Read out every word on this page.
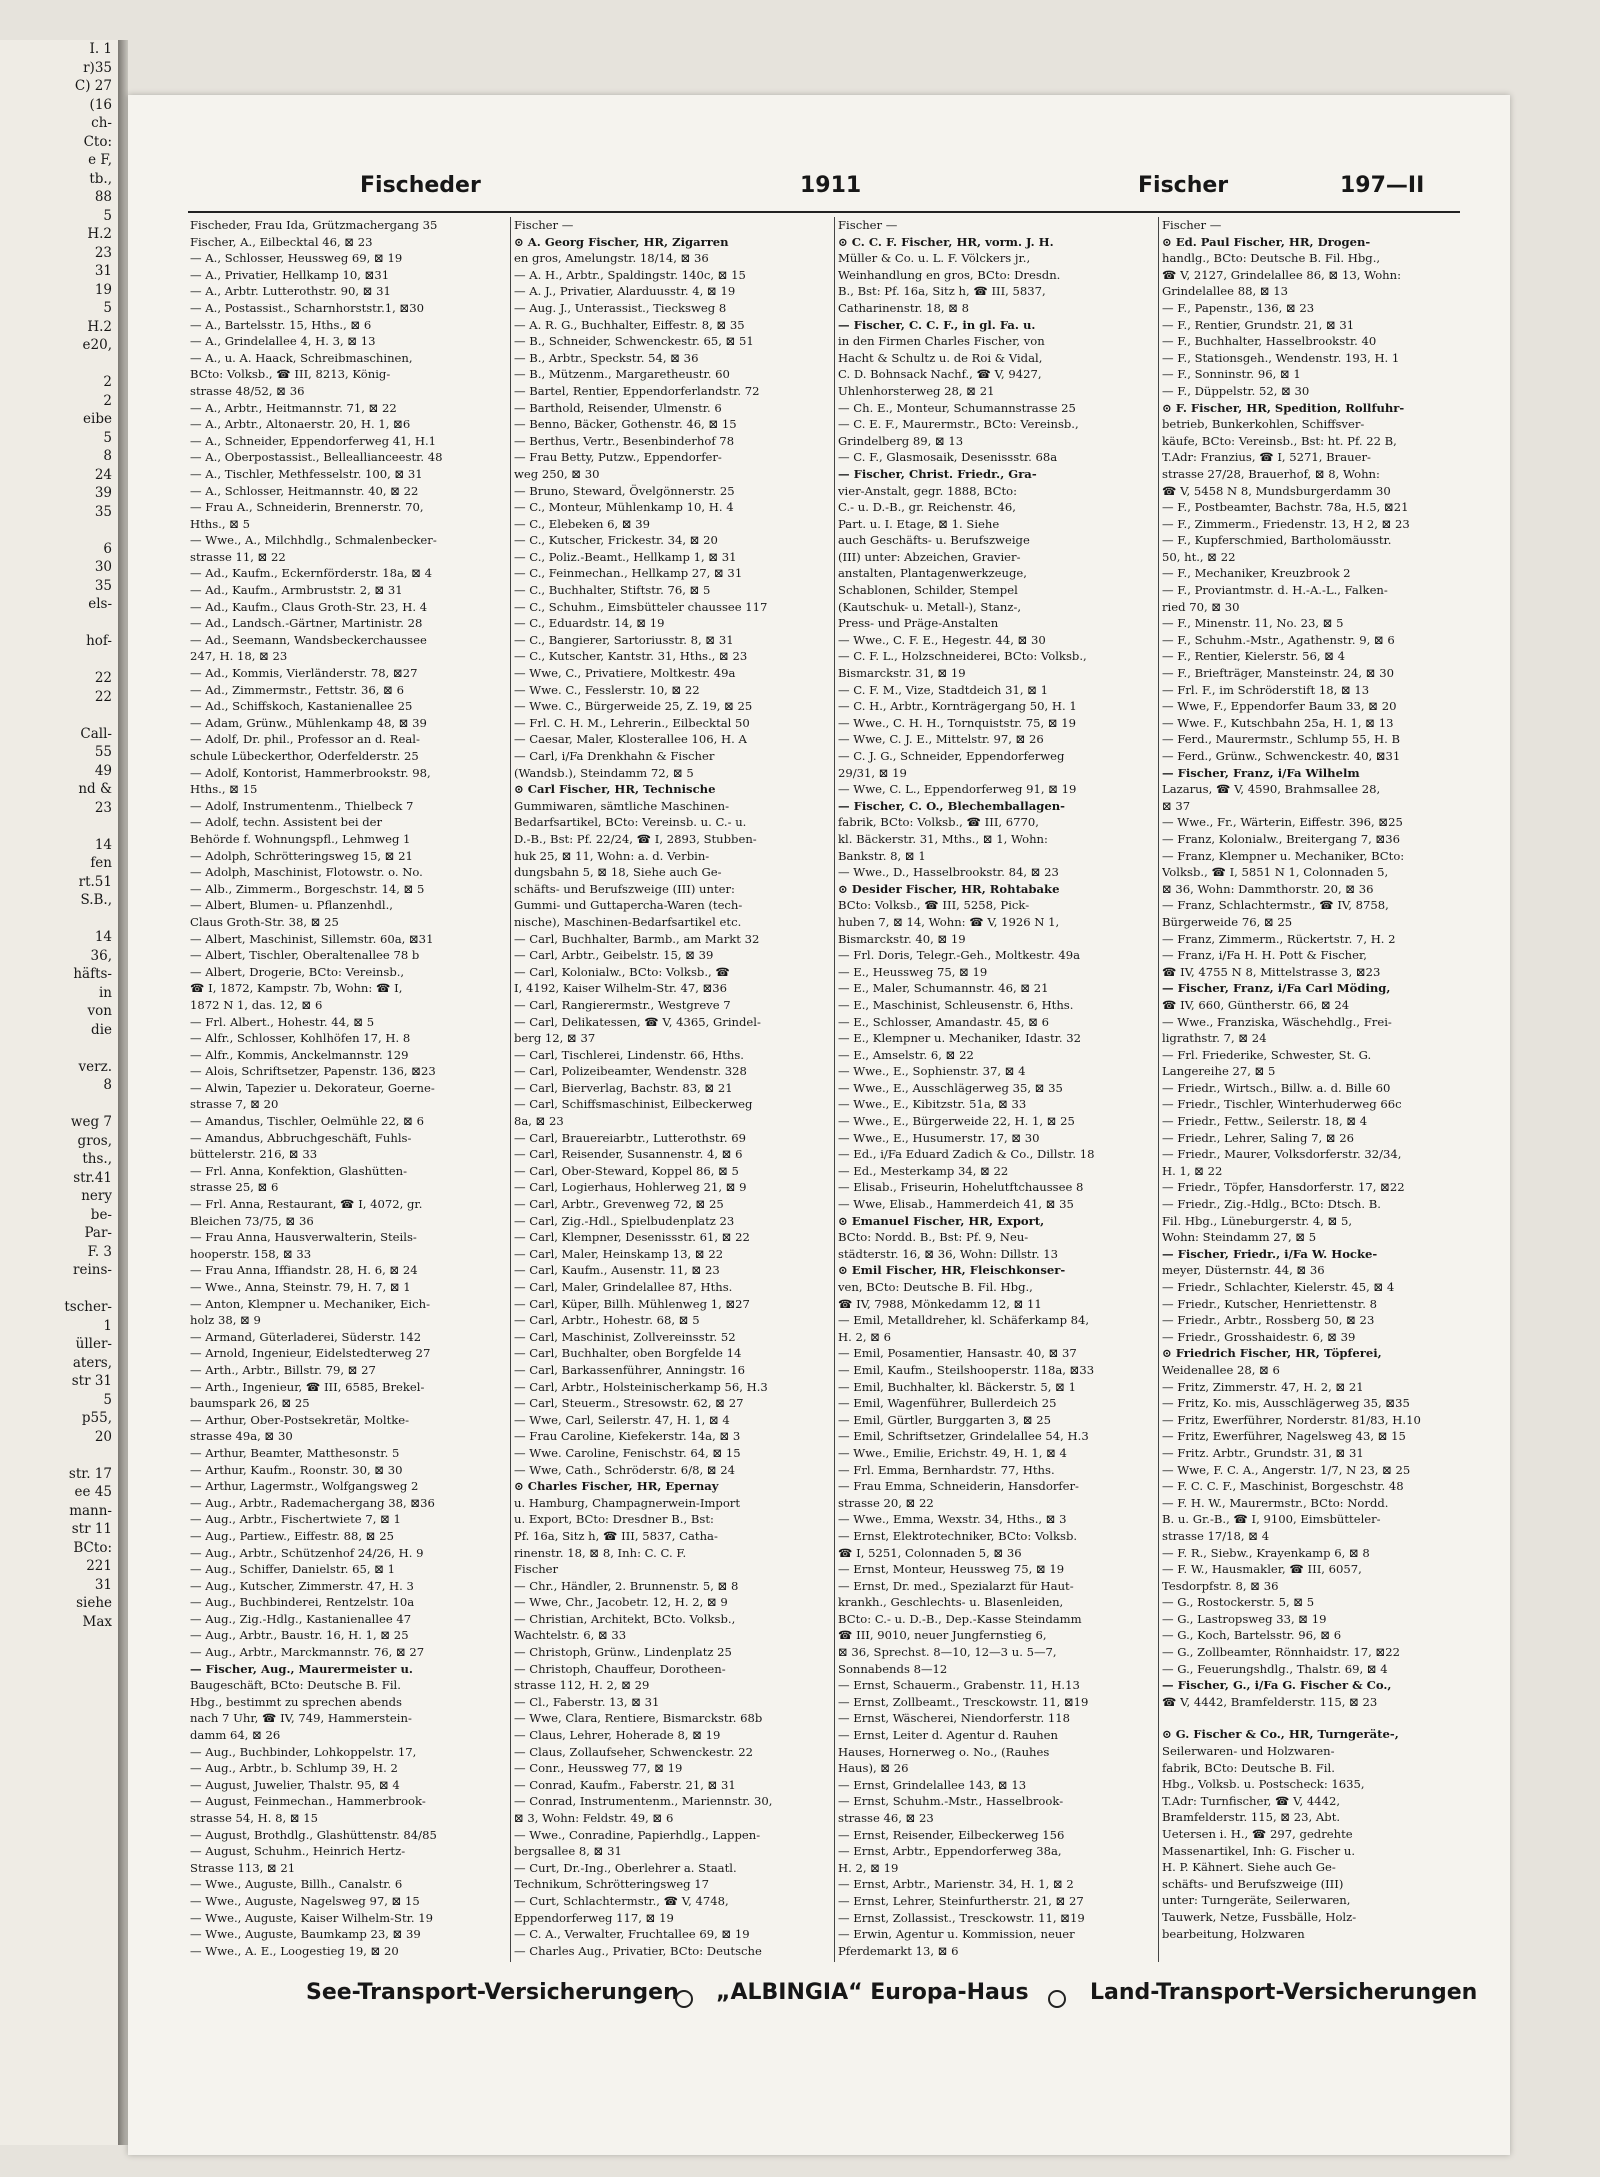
I. 1
r)35
C) 27
(16
ch-
Cto:
e F,
tb.,
88
5
H.2
23
31
19
5
H.2
e20,
2
2
eibe
5
8
24
39
35
6
30
35
els-
hof-
22
22
Call-
55
49
nd &
23
14
fen
rt.51
S.B.,
14
36,
häfts-
in
von
die
verz.
8
weg 7
gros,
ths.,
str.41
nery
be-
Par-
F. 3
reins-
tscher-
1
üller-
aters,
str 31
5
p55,
20
str. 17
ee 45
mann-
str 11
BCto:
221
31
siehe
Max
Fischeder	1911	Fischer	197—II
Fischeder, Frau Ida, Grützmachergang 35
Fischer, A., Eilbecktal 46, ⊠ 23
— A., Schlosser, Heussweg 69, ⊠ 19
— A., Privatier, Hellkamp 10, ⊠31
— A., Arbtr. Lutterothstr. 90, ⊠ 31
— A., Postassist., Scharnhorststr.1, ⊠30
— A., Bartelsstr. 15, Hths., ⊠ 6
— A., Grindelallee 4, H. 3, ⊠ 13
— A., u. A. Haack, Schreibmaschinen,
BCto: Volksb., ☎ III, 8213, König-
strasse 48/52, ⊠ 36
— A., Arbtr., Heitmannstr. 71, ⊠ 22
— A., Arbtr., Altonaerstr. 20, H. 1, ⊠6
— A., Schneider, Eppendorferweg 41, H.1
— A., Oberpostassist., Belleallianceestr. 48
— A., Tischler, Methfesselstr. 100, ⊠ 31
— A., Schlosser, Heitmannstr. 40, ⊠ 22
— Frau A., Schneiderin, Brennerstr. 70,
Hths., ⊠ 5
— Wwe., A., Milchhdlg., Schmalenbecker-
strasse 11, ⊠ 22
— Ad., Kaufm., Eckernförderstr. 18a, ⊠ 4
— Ad., Kaufm., Armbruststr. 2, ⊠ 31
— Ad., Kaufm., Claus Groth-Str. 23, H. 4
— Ad., Landsch.-Gärtner, Martinistr. 28
— Ad., Seemann, Wandsbeckerchaussee
247, H. 18, ⊠ 23
— Ad., Kommis, Vierländerstr. 78, ⊠27
— Ad., Zimmermstr., Fettstr. 36, ⊠ 6
— Ad., Schiffskoch, Kastanienallee 25
— Adam, Grünw., Mühlenkamp 48, ⊠ 39
— Adolf, Dr. phil., Professor an d. Real-
schule Lübeckerthor, Oderfelderstr. 25
— Adolf, Kontorist, Hammerbrookstr. 98,
Hths., ⊠ 15
— Adolf, Instrumentenm., Thielbeck 7
— Adolf, techn. Assistent bei der
Behörde f. Wohnungspfl., Lehmweg 1
— Adolph, Schrötteringsweg 15, ⊠ 21
— Adolph, Maschinist, Flotowstr. o. No.
— Alb., Zimmerm., Borgeschstr. 14, ⊠ 5
— Albert, Blumen- u. Pflanzenhdl.,
Claus Groth-Str. 38, ⊠ 25
— Albert, Maschinist, Sillemstr. 60a, ⊠31
— Albert, Tischler, Oberaltenallee 78 b
— Albert, Drogerie, BCto: Vereinsb.,
☎ I, 1872, Kampstr. 7b, Wohn: ☎ I,
1872 N 1, das. 12, ⊠ 6
— Frl. Albert., Hohestr. 44, ⊠ 5
— Alfr., Schlosser, Kohlhöfen 17, H. 8
— Alfr., Kommis, Anckelmannstr. 129
— Alois, Schriftsetzer, Papenstr. 136, ⊠23
— Alwin, Tapezier u. Dekorateur, Goerne-
strasse 7, ⊠ 20
— Amandus, Tischler, Oelmühle 22, ⊠ 6
— Amandus, Abbruchgeschäft, Fuhls-
büttelerstr. 216, ⊠ 33
— Frl. Anna, Konfektion, Glashütten-
strasse 25, ⊠ 6
— Frl. Anna, Restaurant, ☎ I, 4072, gr.
Bleichen 73/75, ⊠ 36
— Frau Anna, Hausverwalterin, Steils-
hooperstr. 158, ⊠ 33
— Frau Anna, Iffiandstr. 28, H. 6, ⊠ 24
— Wwe., Anna, Steinstr. 79, H. 7, ⊠ 1
— Anton, Klempner u. Mechaniker, Eich-
holz 38, ⊠ 9
— Armand, Güterladerei, Süderstr. 142
— Arnold, Ingenieur, Eidelstedterweg 27
— Arth., Arbtr., Billstr. 79, ⊠ 27
— Arth., Ingenieur, ☎ III, 6585, Brekel-
baumspark 26, ⊠ 25
— Arthur, Ober-Postsekretär, Moltke-
strasse 49a, ⊠ 30
— Arthur, Beamter, Matthesonstr. 5
— Arthur, Kaufm., Roonstr. 30, ⊠ 30
— Arthur, Lagermstr., Wolfgangsweg 2
— Aug., Arbtr., Rademachergang 38, ⊠36
— Aug., Arbtr., Fischertwiete 7, ⊠ 1
— Aug., Partiew., Eiffestr. 88, ⊠ 25
— Aug., Arbtr., Schützenhof 24/26, H. 9
— Aug., Schiffer, Danielstr. 65, ⊠ 1
— Aug., Kutscher, Zimmerstr. 47, H. 3
— Aug., Buchbinderei, Rentzelstr. 10a
— Aug., Zig.-Hdlg., Kastanienallee 47
— Aug., Arbtr., Baustr. 16, H. 1, ⊠ 25
— Aug., Arbtr., Marckmannstr. 76, ⊠ 27
— Fischer, Aug., Maurermeister u.
Baugeschäft, BCto: Deutsche B. Fil.
Hbg., bestimmt zu sprechen abends
nach 7 Uhr, ☎ IV, 749, Hammerstein-
damm 64, ⊠ 26
— Aug., Buchbinder, Lohkoppelstr. 17,
— Aug., Arbtr., b. Schlump 39, H. 2
— August, Juwelier, Thalstr. 95, ⊠ 4
— August, Feinmechan., Hammerbrook-
strasse 54, H. 8, ⊠ 15
— August, Brothdlg., Glashüttenstr. 84/85
— August, Schuhm., Heinrich Hertz-
Strasse 113, ⊠ 21
— Wwe., Auguste, Billh., Canalstr. 6
— Wwe., Auguste, Nagelsweg 97, ⊠ 15
— Wwe., Auguste, Kaiser Wilhelm-Str. 19
— Wwe., Auguste, Baumkamp 23, ⊠ 39
— Wwe., A. E., Loogestieg 19, ⊠ 20
Fischer —
⊙ A. Georg Fischer, HR, Zigarren
en gros, Amelungstr. 18/14, ⊠ 36
— A. H., Arbtr., Spaldingstr. 140c, ⊠ 15
— A. J., Privatier, Alarduusstr. 4, ⊠ 19
— Aug. J., Unterassist., Tiecksweg 8
— A. R. G., Buchhalter, Eiffestr. 8, ⊠ 35
— B., Schneider, Schwenckestr. 65, ⊠ 51
— B., Arbtr., Speckstr. 54, ⊠ 36
— B., Mützenm., Margaretheustr. 60
— Bartel, Rentier, Eppendorferlandstr. 72
— Barthold, Reisender, Ulmenstr. 6
— Benno, Bäcker, Gothenstr. 46, ⊠ 15
— Berthus, Vertr., Besenbinderhof 78
— Frau Betty, Putzw., Eppendorfer-
weg 250, ⊠ 30
— Bruno, Steward, Övelgönnerstr. 25
— C., Monteur, Mühlenkamp 10, H. 4
— C., Elebeken 6, ⊠ 39
— C., Kutscher, Frickestr. 34, ⊠ 20
— C., Poliz.-Beamt., Hellkamp 1, ⊠ 31
— C., Feinmechan., Hellkamp 27, ⊠ 31
— C., Buchhalter, Stiftstr. 76, ⊠ 5
— C., Schuhm., Eimsbütteler chaussee 117
— C., Eduardstr. 14, ⊠ 19
— C., Bangierer, Sartoriusstr. 8, ⊠ 31
— C., Kutscher, Kantstr. 31, Hths., ⊠ 23
— Wwe, C., Privatiere, Moltkestr. 49a
— Wwe. C., Fesslerstr. 10, ⊠ 22
— Wwe. C., Bürgerweide 25, Z. 19, ⊠ 25
— Frl. C. H. M., Lehrerin., Eilbecktal 50
— Caesar, Maler, Klosterallee 106, H. A
— Carl, i/Fa Drenkhahn & Fischer
(Wandsb.), Steindamm 72, ⊠ 5
⊙ Carl Fischer, HR, Technische
Gummiwaren, sämtliche Maschinen-
Bedarfsartikel, BCto: Vereinsb. u. C.- u.
D.-B., Bst: Pf. 22/24, ☎ I, 2893, Stubben-
huk 25, ⊠ 11, Wohn: a. d. Verbin-
dungsbahn 5, ⊠ 18, Siehe auch Ge-
schäfts- und Berufszweige (III) unter:
Gummi- und Guttapercha-Waren (tech-
nische), Maschinen-Bedarfsartikel etc.
— Carl, Buchhalter, Barmb., am Markt 32
— Carl, Arbtr., Geibelstr. 15, ⊠ 39
— Carl, Kolonialw., BCto: Volksb., ☎
I, 4192, Kaiser Wilhelm-Str. 47, ⊠36
— Carl, Rangierermstr., Westgreve 7
— Carl, Delikatessen, ☎ V, 4365, Grindel-
berg 12, ⊠ 37
— Carl, Tischlerei, Lindenstr. 66, Hths.
— Carl, Polizeibeamter, Wendenstr. 328
— Carl, Bierverlag, Bachstr. 83, ⊠ 21
— Carl, Schiffsmaschinist, Eilbeckerweg
8a, ⊠ 23
— Carl, Brauereiarbtr., Lutterothstr. 69
— Carl, Reisender, Susannenstr. 4, ⊠ 6
— Carl, Ober-Steward, Koppel 86, ⊠ 5
— Carl, Logierhaus, Hohlerweg 21, ⊠ 9
— Carl, Arbtr., Grevenweg 72, ⊠ 25
— Carl, Zig.-Hdl., Spielbudenplatz 23
— Carl, Klempner, Desenissstr. 61, ⊠ 22
— Carl, Maler, Heinskamp 13, ⊠ 22
— Carl, Kaufm., Ausenstr. 11, ⊠ 23
— Carl, Maler, Grindelallee 87, Hths.
— Carl, Küper, Billh. Mühlenweg 1, ⊠27
— Carl, Arbtr., Hohestr. 68, ⊠ 5
— Carl, Maschinist, Zollvereinsstr. 52
— Carl, Buchhalter, oben Borgfelde 14
— Carl, Barkassenführer, Anningstr. 16
— Carl, Arbtr., Holsteinischerkamp 56, H.3
— Carl, Steuerm., Stresowstr. 62, ⊠ 27
— Wwe, Carl, Seilerstr. 47, H. 1, ⊠ 4
— Frau Caroline, Kiefekerstr. 14a, ⊠ 3
— Wwe. Caroline, Fenischstr. 64, ⊠ 15
— Wwe, Cath., Schröderstr. 6/8, ⊠ 24
⊙ Charles Fischer, HR, Epernay
u. Hamburg, Champagnerwein-Import
u. Export, BCto: Dresdner B., Bst:
Pf. 16a, Sitz h, ☎ III, 5837, Catha-
rinenstr. 18, ⊠ 8, Inh: C. C. F.
Fischer
— Chr., Händler, 2. Brunnenstr. 5, ⊠ 8
— Wwe, Chr., Jacobetr. 12, H. 2, ⊠ 9
— Christian, Architekt, BCto. Volksb.,
Wachtelstr. 6, ⊠ 33
— Christoph, Grünw., Lindenplatz 25
— Christoph, Chauffeur, Dorotheen-
strasse 112, H. 2, ⊠ 29
— Cl., Faberstr. 13, ⊠ 31
— Wwe, Clara, Rentiere, Bismarckstr. 68b
— Claus, Lehrer, Hoherade 8, ⊠ 19
— Claus, Zollaufseher, Schwenckestr. 22
— Conr., Heussweg 77, ⊠ 19
— Conrad, Kaufm., Faberstr. 21, ⊠ 31
— Conrad, Instrumentenm., Mariennstr. 30,
⊠ 3, Wohn: Feldstr. 49, ⊠ 6
— Wwe., Conradine, Papierhdlg., Lappen-
bergsallee 8, ⊠ 31
— Curt, Dr.-Ing., Oberlehrer a. Staatl.
Technikum, Schrötteringsweg 17
— Curt, Schlachtermstr., ☎ V, 4748,
Eppendorferweg 117, ⊠ 19
— C. A., Verwalter, Fruchtallee 69, ⊠ 19
— Charles Aug., Privatier, BCto: Deutsche
Fischer —
⊙ C. C. F. Fischer, HR, vorm. J. H.
Müller & Co. u. L. F. Völckers jr.,
Weinhandlung en gros, BCto: Dresdn.
B., Bst: Pf. 16a, Sitz h, ☎ III, 5837,
Catharinenstr. 18, ⊠ 8
— Fischer, C. C. F., in gl. Fa. u.
in den Firmen Charles Fischer, von
Hacht & Schultz u. de Roi & Vidal,
C. D. Bohnsack Nachf., ☎ V, 9427,
Uhlenhorsterweg 28, ⊠ 21
— Ch. E., Monteur, Schumannstrasse 25
— C. E. F., Maurermstr., BCto: Vereinsb.,
Grindelberg 89, ⊠ 13
— C. F., Glasmosaik, Desenissstr. 68a
— Fischer, Christ. Friedr., Gra-
vier-Anstalt, gegr. 1888, BCto:
C.- u. D.-B., gr. Reichenstr. 46,
Part. u. I. Etage, ⊠ 1. Siehe
auch Geschäfts- u. Berufszweige
(III) unter: Abzeichen, Gravier-
anstalten, Plantagenwerkzeuge,
Schablonen, Schilder, Stempel
(Kautschuk- u. Metall-), Stanz-,
Press- und Präge-Anstalten
— Wwe., C. F. E., Hegestr. 44, ⊠ 30
— C. F. L., Holzschneiderei, BCto: Volksb.,
Bismarckstr. 31, ⊠ 19
— C. F. M., Vize, Stadtdeich 31, ⊠ 1
— C. H., Arbtr., Kornträgergang 50, H. 1
— Wwe., C. H. H., Tornquiststr. 75, ⊠ 19
— Wwe, C. J. E., Mittelstr. 97, ⊠ 26
— C. J. G., Schneider, Eppendorferweg
29/31, ⊠ 19
— Wwe, C. L., Eppendorferweg 91, ⊠ 19
— Fischer, C. O., Blechemballagen-
fabrik, BCto: Volksb., ☎ III, 6770,
kl. Bäckerstr. 31, Mths., ⊠ 1, Wohn:
Bankstr. 8, ⊠ 1
— Wwe., D., Hasselbrookstr. 84, ⊠ 23
⊙ Desider Fischer, HR, Rohtabake
BCto: Volksb., ☎ III, 5258, Pick-
huben 7, ⊠ 14, Wohn: ☎ V, 1926 N 1,
Bismarckstr. 40, ⊠ 19
— Frl. Doris, Telegr.-Geh., Moltkestr. 49a
— E., Heussweg 75, ⊠ 19
— E., Maler, Schumannstr. 46, ⊠ 21
— E., Maschinist, Schleusenstr. 6, Hths.
— E., Schlosser, Amandastr. 45, ⊠ 6
— E., Klempner u. Mechaniker, Idastr. 32
— E., Amselstr. 6, ⊠ 22
— Wwe., E., Sophienstr. 37, ⊠ 4
— Wwe., E., Ausschlägerweg 35, ⊠ 35
— Wwe., E., Kibitzstr. 51a, ⊠ 33
— Wwe., E., Bürgerweide 22, H. 1, ⊠ 25
— Wwe., E., Husumerstr. 17, ⊠ 30
— Ed., i/Fa Eduard Zadich & Co., Dillstr. 18
— Ed., Mesterkamp 34, ⊠ 22
— Elisab., Friseurin, Hohelutftchaussee 8
— Wwe, Elisab., Hammerdeich 41, ⊠ 35
⊙ Emanuel Fischer, HR, Export,
BCto: Nordd. B., Bst: Pf. 9, Neu-
städterstr. 16, ⊠ 36, Wohn: Dillstr. 13
⊙ Emil Fischer, HR, Fleischkonser-
ven, BCto: Deutsche B. Fil. Hbg.,
☎ IV, 7988, Mönkedamm 12, ⊠ 11
— Emil, Metalldreher, kl. Schäferkamp 84,
H. 2, ⊠ 6
— Emil, Posamentier, Hansastr. 40, ⊠ 37
— Emil, Kaufm., Steilshooperstr. 118a, ⊠33
— Emil, Buchhalter, kl. Bäckerstr. 5, ⊠ 1
— Emil, Wagenführer, Bullerdeich 25
— Emil, Gürtler, Burggarten 3, ⊠ 25
— Emil, Schriftsetzer, Grindelallee 54, H.3
— Wwe., Emilie, Erichstr. 49, H. 1, ⊠ 4
— Frl. Emma, Bernhardstr. 77, Hths.
— Frau Emma, Schneiderin, Hansdorfer-
strasse 20, ⊠ 22
— Wwe., Emma, Wexstr. 34, Hths., ⊠ 3
— Ernst, Elektrotechniker, BCto: Volksb.
☎ I, 5251, Colonnaden 5, ⊠ 36
— Ernst, Monteur, Heussweg 75, ⊠ 19
— Ernst, Dr. med., Spezialarzt für Haut-
krankh., Geschlechts- u. Blasenleiden,
BCto: C.- u. D.-B., Dep.-Kasse Steindamm
☎ III, 9010, neuer Jungfernstieg 6,
⊠ 36, Sprechst. 8—10, 12—3 u. 5—7,
Sonnabends 8—12
— Ernst, Schauerm., Grabenstr. 11, H.13
— Ernst, Zollbeamt., Tresckowstr. 11, ⊠19
— Ernst, Wäscherei, Niendorferstr. 118
— Ernst, Leiter d. Agentur d. Rauhen
Hauses, Hornerweg o. No., (Rauhes
Haus), ⊠ 26
— Ernst, Grindelallee 143, ⊠ 13
— Ernst, Schuhm.-Mstr., Hasselbrook-
strasse 46, ⊠ 23
— Ernst, Reisender, Eilbeckerweg 156
— Ernst, Arbtr., Eppendorferweg 38a,
H. 2, ⊠ 19
— Ernst, Arbtr., Marienstr. 34, H. 1, ⊠ 2
— Ernst, Lehrer, Steinfurtherstr. 21, ⊠ 27
— Ernst, Zollassist., Tresckowstr. 11, ⊠19
— Erwin, Agentur u. Kommission, neuer
Pferdemarkt 13, ⊠ 6
Fischer —
⊙ Ed. Paul Fischer, HR, Drogen-
handlg., BCto: Deutsche B. Fil. Hbg.,
☎ V, 2127, Grindelallee 86, ⊠ 13, Wohn:
Grindelallee 88, ⊠ 13
— F., Papenstr., 136, ⊠ 23
— F., Rentier, Grundstr. 21, ⊠ 31
— F., Buchhalter, Hasselbrookstr. 40
— F., Stationsgeh., Wendenstr. 193, H. 1
— F., Sonninstr. 96, ⊠ 1
— F., Düppelstr. 52, ⊠ 30
⊙ F. Fischer, HR, Spedition, Rollfuhr-
betrieb, Bunkerkohlen, Schiffsver-
käufe, BCto: Vereinsb., Bst: ht. Pf. 22 B,
T.Adr: Franzius, ☎ I, 5271, Brauer-
strasse 27/28, Brauerhof, ⊠ 8, Wohn:
☎ V, 5458 N 8, Mundsburgerdamm 30
— F., Postbeamter, Bachstr. 78a, H.5, ⊠21
— F., Zimmerm., Friedenstr. 13, H 2, ⊠ 23
— F., Kupferschmied, Bartholomäusstr.
50, ht., ⊠ 22
— F., Mechaniker, Kreuzbrook 2
— F., Proviantmstr. d. H.-A.-L., Falken-
ried 70, ⊠ 30
— F., Minenstr. 11, No. 23, ⊠ 5
— F., Schuhm.-Mstr., Agathenstr. 9, ⊠ 6
— F., Rentier, Kielerstr. 56, ⊠ 4
— F., Briefträger, Mansteinstr. 24, ⊠ 30
— Frl. F., im Schröderstift 18, ⊠ 13
— Wwe, F., Eppendorfer Baum 33, ⊠ 20
— Wwe. F., Kutschbahn 25a, H. 1, ⊠ 13
— Ferd., Maurermstr., Schlump 55, H. B
— Ferd., Grünw., Schwenckestr. 40, ⊠31
— Fischer, Franz, i/Fa Wilhelm
Lazarus, ☎ V, 4590, Brahmsallee 28,
⊠ 37
— Wwe., Fr., Wärterin, Eiffestr. 396, ⊠25
— Franz, Kolonialw., Breitergang 7, ⊠36
— Franz, Klempner u. Mechaniker, BCto:
Volksb., ☎ I, 5851 N 1, Colonnaden 5,
⊠ 36, Wohn: Dammthorstr. 20, ⊠ 36
— Franz, Schlachtermstr., ☎ IV, 8758,
Bürgerweide 76, ⊠ 25
— Franz, Zimmerm., Rückertstr. 7, H. 2
— Franz, i/Fa H. H. Pott & Fischer,
☎ IV, 4755 N 8, Mittelstrasse 3, ⊠23
— Fischer, Franz, i/Fa Carl Möding,
☎ IV, 660, Güntherstr. 66, ⊠ 24
— Wwe., Franziska, Wäschehdlg., Frei-
ligrathstr. 7, ⊠ 24
— Frl. Friederike, Schwester, St. G.
Langereihe 27, ⊠ 5
— Friedr., Wirtsch., Billw. a. d. Bille 60
— Friedr., Tischler, Winterhuderweg 66c
— Friedr., Fettw., Seilerstr. 18, ⊠ 4
— Friedr., Lehrer, Saling 7, ⊠ 26
— Friedr., Maurer, Volksdorferstr. 32/34,
H. 1, ⊠ 22
— Friedr., Töpfer, Hansdorferstr. 17, ⊠22
— Friedr., Zig.-Hdlg., BCto: Dtsch. B.
Fil. Hbg., Lüneburgerstr. 4, ⊠ 5,
Wohn: Steindamm 27, ⊠ 5
— Fischer, Friedr., i/Fa W. Hocke-
meyer, Düsternstr. 44, ⊠ 36
— Friedr., Schlachter, Kielerstr. 45, ⊠ 4
— Friedr., Kutscher, Henriettenstr. 8
— Friedr., Arbtr., Rossberg 50, ⊠ 23
— Friedr., Grosshaidestr. 6, ⊠ 39
⊙ Friedrich Fischer, HR, Töpferei,
Weidenallee 28, ⊠ 6
— Fritz, Zimmerstr. 47, H. 2, ⊠ 21
— Fritz, Ko. mis, Ausschlägerweg 35, ⊠35
— Fritz, Ewerführer, Norderstr. 81/83, H.10
— Fritz, Ewerführer, Nagelsweg 43, ⊠ 15
— Fritz. Arbtr., Grundstr. 31, ⊠ 31
— Wwe, F. C. A., Angerstr. 1/7, N 23, ⊠ 25
— F. C. C. F., Maschinist, Borgeschstr. 48
— F. H. W., Maurermstr., BCto: Nordd.
B. u. Gr.-B., ☎ I, 9100, Eimsbütteler-
strasse 17/18, ⊠ 4
— F. R., Siebw., Krayenkamp 6, ⊠ 8
— F. W., Hausmakler, ☎ III, 6057,
Tesdorpfstr. 8, ⊠ 36
— G., Rostockerstr. 5, ⊠ 5
— G., Lastropsweg 33, ⊠ 19
— G., Koch, Bartelsstr. 96, ⊠ 6
— G., Zollbeamter, Rönnhaidstr. 17, ⊠22
— G., Feuerungshdlg., Thalstr. 69, ⊠ 4
— Fischer, G., i/Fa G. Fischer & Co.,
☎ V, 4442, Bramfelderstr. 115, ⊠ 23
⊙ G. Fischer & Co., HR, Turngeräte-,
Seilerwaren- und Holzwaren-
fabrik, BCto: Deutsche B. Fil.
Hbg., Volksb. u. Postscheck: 1635,
T.Adr: Turnfischer, ☎ V, 4442,
Bramfelderstr. 115, ⊠ 23, Abt.
Uetersen i. H., ☎ 297, gedrehte
Massenartikel, Inh: G. Fischer u.
H. P. Kähnert. Siehe auch Ge-
schäfts- und Berufszweige (III)
unter: Turngeräte, Seilerwaren,
Tauwerk, Netze, Fussbälle, Holz-
bearbeitung, Holzwaren
See-Transport-Versicherungen „ALBINGIA“ Europa-Haus	Land-Transport-Versicherungen
